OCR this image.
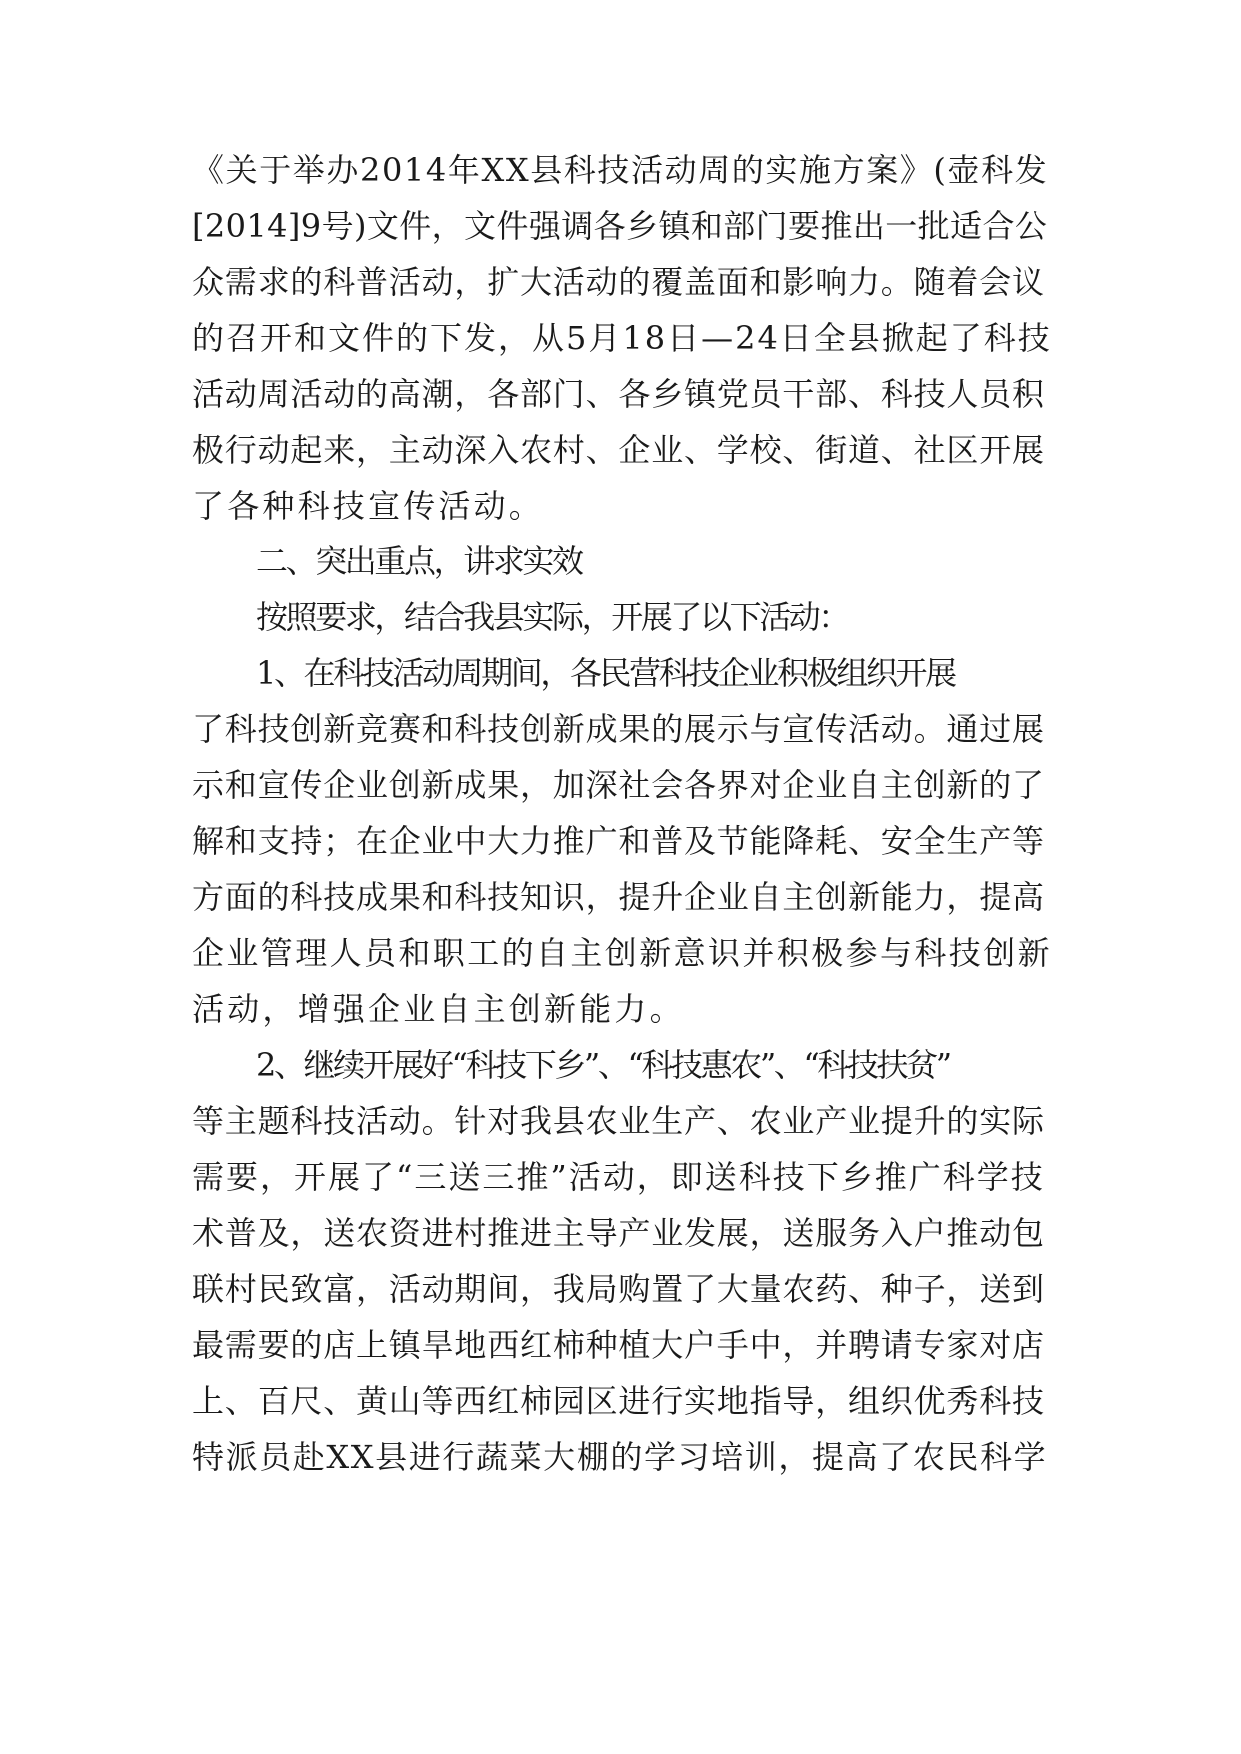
《关于举办2014年XX县科技活动周的实施方案》(壶科发
[2014]9号)文件，文件强调各乡镇和部门要推出一批适合公
众需求的科普活动，扩大活动的覆盖面和影响力。随着会议
的召开和文件的下发，从5月18日—24日全县掀起了科技
活动周活动的高潮，各部门、各乡镇党员干部、科技人员积
极行动起来，主动深入农村、企业、学校、街道、社区开展
了各种科技宣传活动。
二、突出重点，讲求实效
按照要求，结合我县实际，开展了以下活动：
1、在科技活动周期间，各民营科技企业积极组织开展
了科技创新竞赛和科技创新成果的展示与宣传活动。通过展
示和宣传企业创新成果，加深社会各界对企业自主创新的了
解和支持；在企业中大力推广和普及节能降耗、安全生产等
方面的科技成果和科技知识，提升企业自主创新能力，提高
企业管理人员和职工的自主创新意识并积极参与科技创新
活动，增强企业自主创新能力。
2、继续开展好“科技下乡”、“科技惠农”、“科技扶贫”
等主题科技活动。针对我县农业生产、农业产业提升的实际
需要，开展了“三送三推”活动，即送科技下乡推广科学技
术普及，送农资进村推进主导产业发展，送服务入户推动包
联村民致富，活动期间，我局购置了大量农药、种子，送到
最需要的店上镇旱地西红柿种植大户手中，并聘请专家对店
上、百尺、黄山等西红柿园区进行实地指导，组织优秀科技
特派员赴XX县进行蔬菜大棚的学习培训，提高了农民科学
